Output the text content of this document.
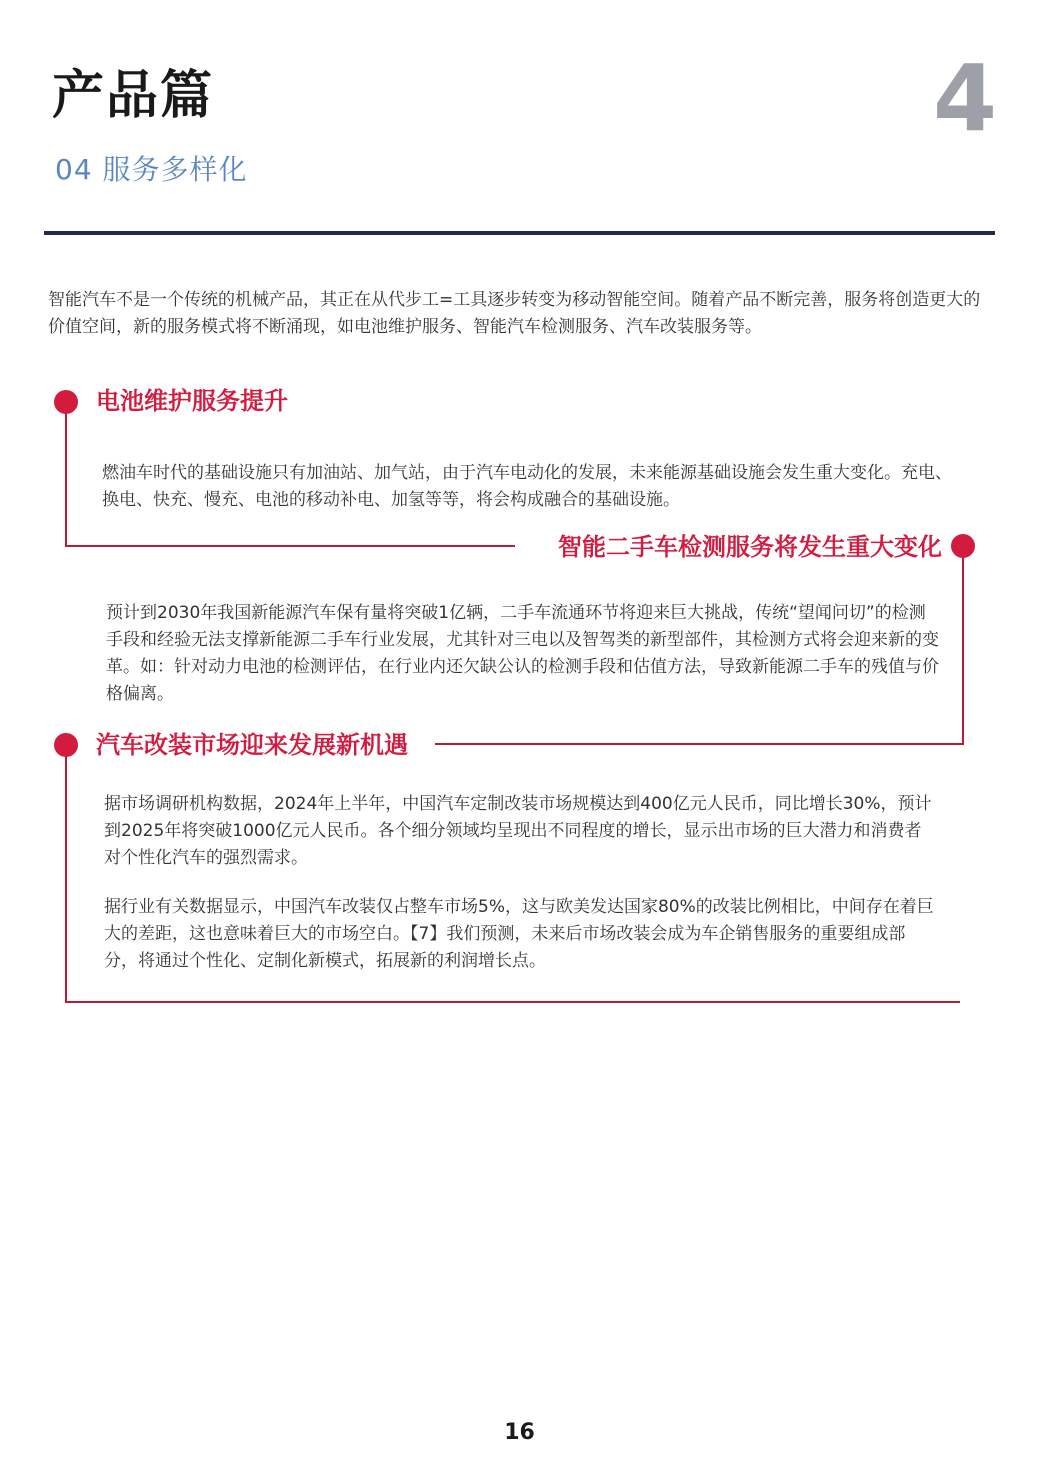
产品篇	4
04 服务多样化
智能汽车不是一个传统的机械产品，其正在从代步工=工具逐步转变为移动智能空间。随着产品不断完善，服务将创造更大的价值空间，新的服务模式将不断涌现，如电池维护服务、智能汽车检测服务、汽车改装服务等。
电池维护服务提升
燃油车时代的基础设施只有加油站、加气站，由于汽车电动化的发展，未来能源基础设施会发生重大变化。充电、换电、快充、慢充、电池的移动补电、加氢等等，将会构成融合的基础设施。
智能二手车检测服务将发生重大变化
预计到2030年我国新能源汽车保有量将突破1亿辆，二手车流通环节将迎来巨大挑战，传统“望闻问切”的检测手段和经验无法支撑新能源二手车行业发展，尤其针对三电以及智驾类的新型部件，其检测方式将会迎来新的变革。如：针对动力电池的检测评估，在行业内还欠缺公认的检测手段和估值方法，导致新能源二手车的残值与价格偏离。
汽车改装市场迎来发展新机遇
据市场调研机构数据，2024年上半年，中国汽车定制改装市场规模达到400亿元人民币，同比增长30%，预计到2025年将突破1000亿元人民币。各个细分领域均呈现出不同程度的增长，显示出市场的巨大潜力和消费者对个性化汽车的强烈需求。
据行业有关数据显示，中国汽车改装仅占整车市场5%，这与欧美发达国家80%的改装比例相比，中间存在着巨大的差距，这也意味着巨大的市场空白。【7】我们预测，未来后市场改装会成为车企销售服务的重要组成部分，将通过个性化、定制化新模式，拓展新的利润增长点。
16
